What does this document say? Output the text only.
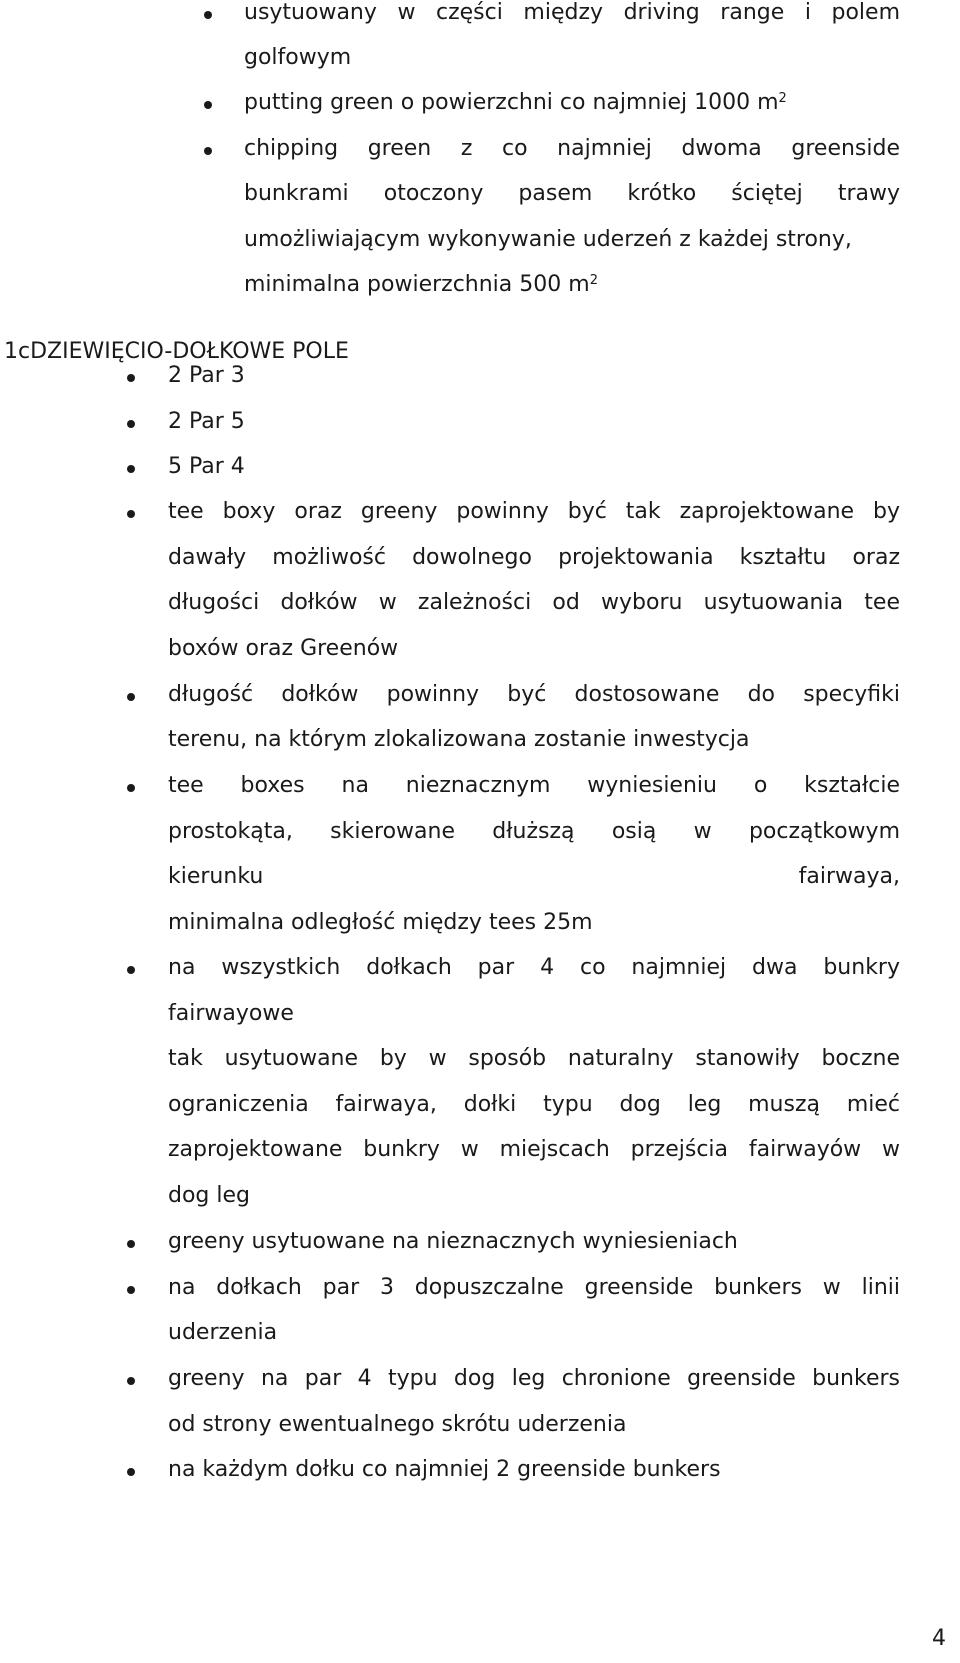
usytuowany w części między driving range i polem
golfowym
putting green o powierzchni co najmniej 1000 $m^2$
chipping green z co najmniej dwoma greenside
bunkrami otoczony pasem krótko ściętej trawy
umożliwiającym wykonywanie uderzeń z każdej strony,
minimalna powierzchnia 500 $m^2$
1cDZIEWIĘCIO-DOŁKOWE POLE
2 Par 3
2 Par 5
5 Par 4
tee boxy oraz greeny powinny być tak zaprojektowane by
dawały możliwość dowolnego projektowania kształtu oraz
długości dołków w zależności od wyboru usytuowania tee
boxów oraz Greenów
długość dołków powinny być dostosowane do specyfiki
terenu, na którym zlokalizowana zostanie inwestycja
tee boxes na nieznacznym wyniesieniu o kształcie
prostokąta, skierowane dłuższą osią w początkowym
kierunku fairwaya,
minimalna odległość między tees 25m
na wszystkich dołkach par 4 co najmniej dwa bunkry
fairwayowe
tak usytuowane by w sposób naturalny stanowiły boczne
ograniczenia fairwaya, dołki typu dog leg muszą mieć
zaprojektowane bunkry w miejscach przejścia fairwayów w
dog leg
greeny usytuowane na nieznacznych wyniesieniach
na dołkach par 3 dopuszczalne greenside bunkers w linii
uderzenia
greeny na par 4 typu dog leg chronione greenside bunkers
od strony ewentualnego skrótu uderzenia
na każdym dołku co najmniej 2 greenside bunkers
4
